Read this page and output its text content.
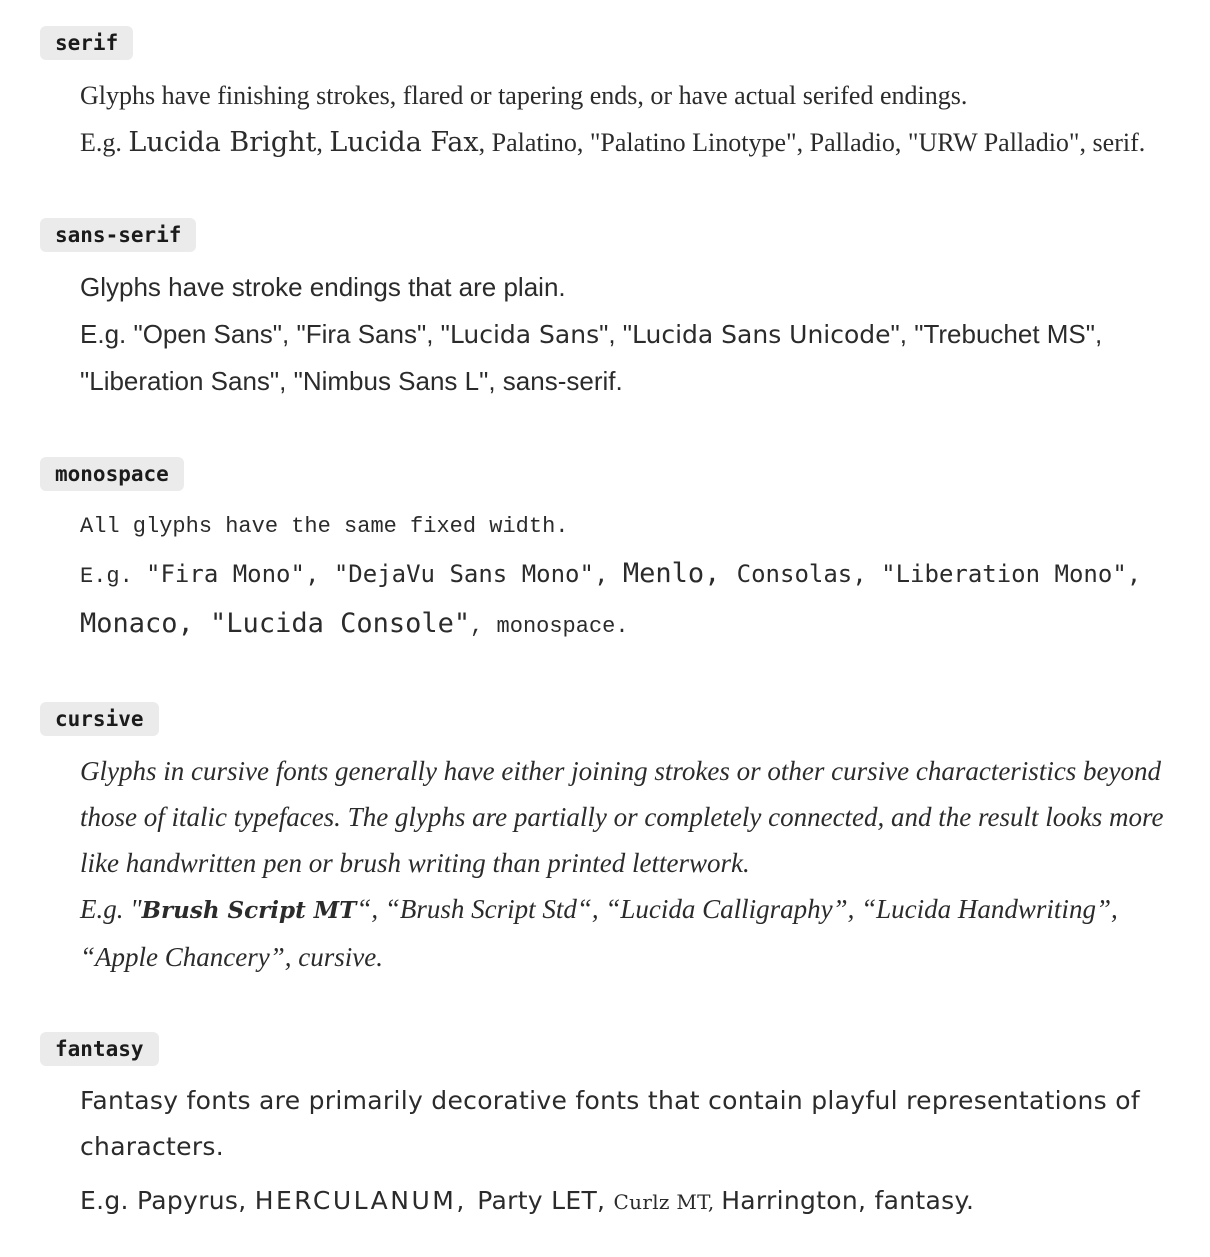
serif
Glyphs have finishing strokes, flared or tapering ends, or have actual serifed endings.
E.g. Lucida Bright, Lucida Fax, Palatino, "Palatino Linotype", Palladio, "URW Palladio", serif.
sans-serif
Glyphs have stroke endings that are plain.
E.g. "Open Sans", "Fira Sans", "Lucida Sans", "Lucida Sans Unicode", "Trebuchet MS", "Liberation Sans", "Nimbus Sans L", sans-serif.
monospace
All glyphs have the same fixed width.
E.g. "Fira Mono", "DejaVu Sans Mono", Menlo, Consolas, "Liberation Mono", Monaco, "Lucida Console", monospace.
cursive
Glyphs in cursive fonts generally have either joining strokes or other cursive characteristics beyond those of italic typefaces. The glyphs are partially or completely connected, and the result looks more like handwritten pen or brush writing than printed letterwork.
E.g. "Brush Script MT“, “Brush Script Std“, “Lucida Calligraphy”, “Lucida Handwriting”, “Apple Chancery”, cursive.
fantasy
Fantasy fonts are primarily decorative fonts that contain playful representations of characters.
E.g. Papyrus, HERCULANUM, Party LET, Curlz MT, Harrington, fantasy.
